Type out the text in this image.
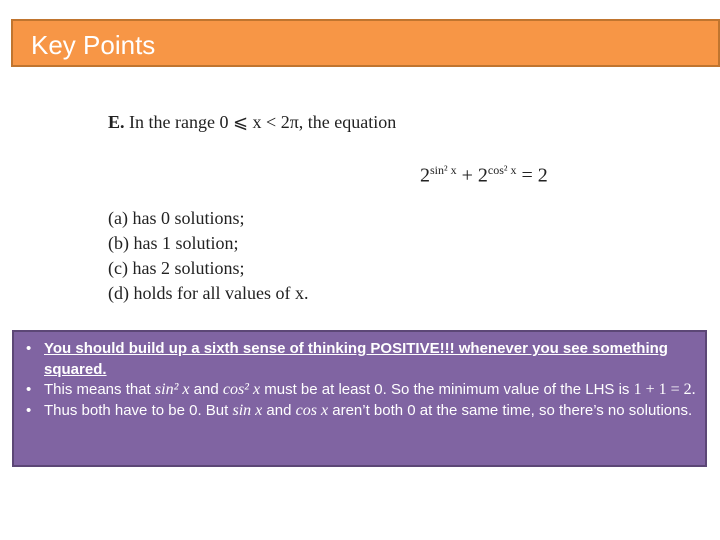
Key Points
E. In the range 0 ⩽ x < 2π, the equation
$2^{sin^2 x} + 2^{cos^2 x} = 2$
(a) has 0 solutions;
(b) has 1 solution;
(c) has 2 solutions;
(d) holds for all values of x.
• You should build up a sixth sense of thinking POSITIVE!!! whenever you see something squared.
• This means that sin² x and cos² x must be at least 0. So the minimum value of the LHS is 1 + 1 = 2.
• Thus both have to be 0. But sin x and cos x aren’t both 0 at the same time, so there’s no solutions.
